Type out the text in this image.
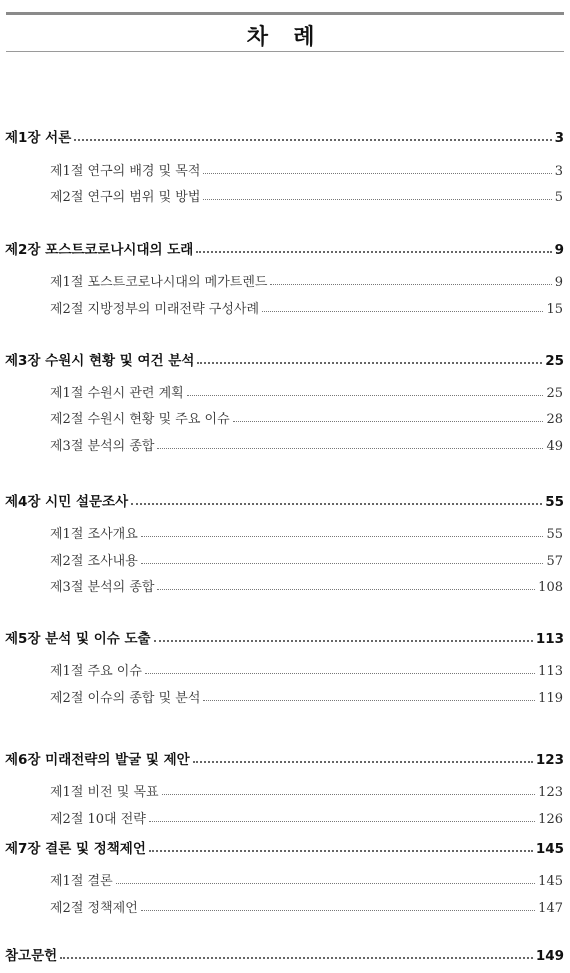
차 례
제1장 서론	3
제1절 연구의 배경 및 목적	3
제2절 연구의 범위 및 방법	5
제2장 포스트코로나시대의 도래	9
제1절 포스트코로나시대의 메가트렌드	9
제2절 지방정부의 미래전략 구성사례	15
제3장 수원시 현황 및 여건 분석	25
제1절 수원시 관련 계획	25
제2절 수원시 현황 및 주요 이슈	28
제3절 분석의 종합	49
제4장 시민 설문조사	55
제1절 조사개요	55
제2절 조사내용	57
제3절 분석의 종합	108
제5장 분석 및 이슈 도출	113
제1절 주요 이슈	113
제2절 이슈의 종합 및 분석	119
제6장 미래전략의 발굴 및 제안	123
제1절 비전 및 목표	123
제2절 10대 전략	126
제7장 결론 및 정책제언	145
제1절 결론	145
제2절 정책제언	147
참고문헌	149
